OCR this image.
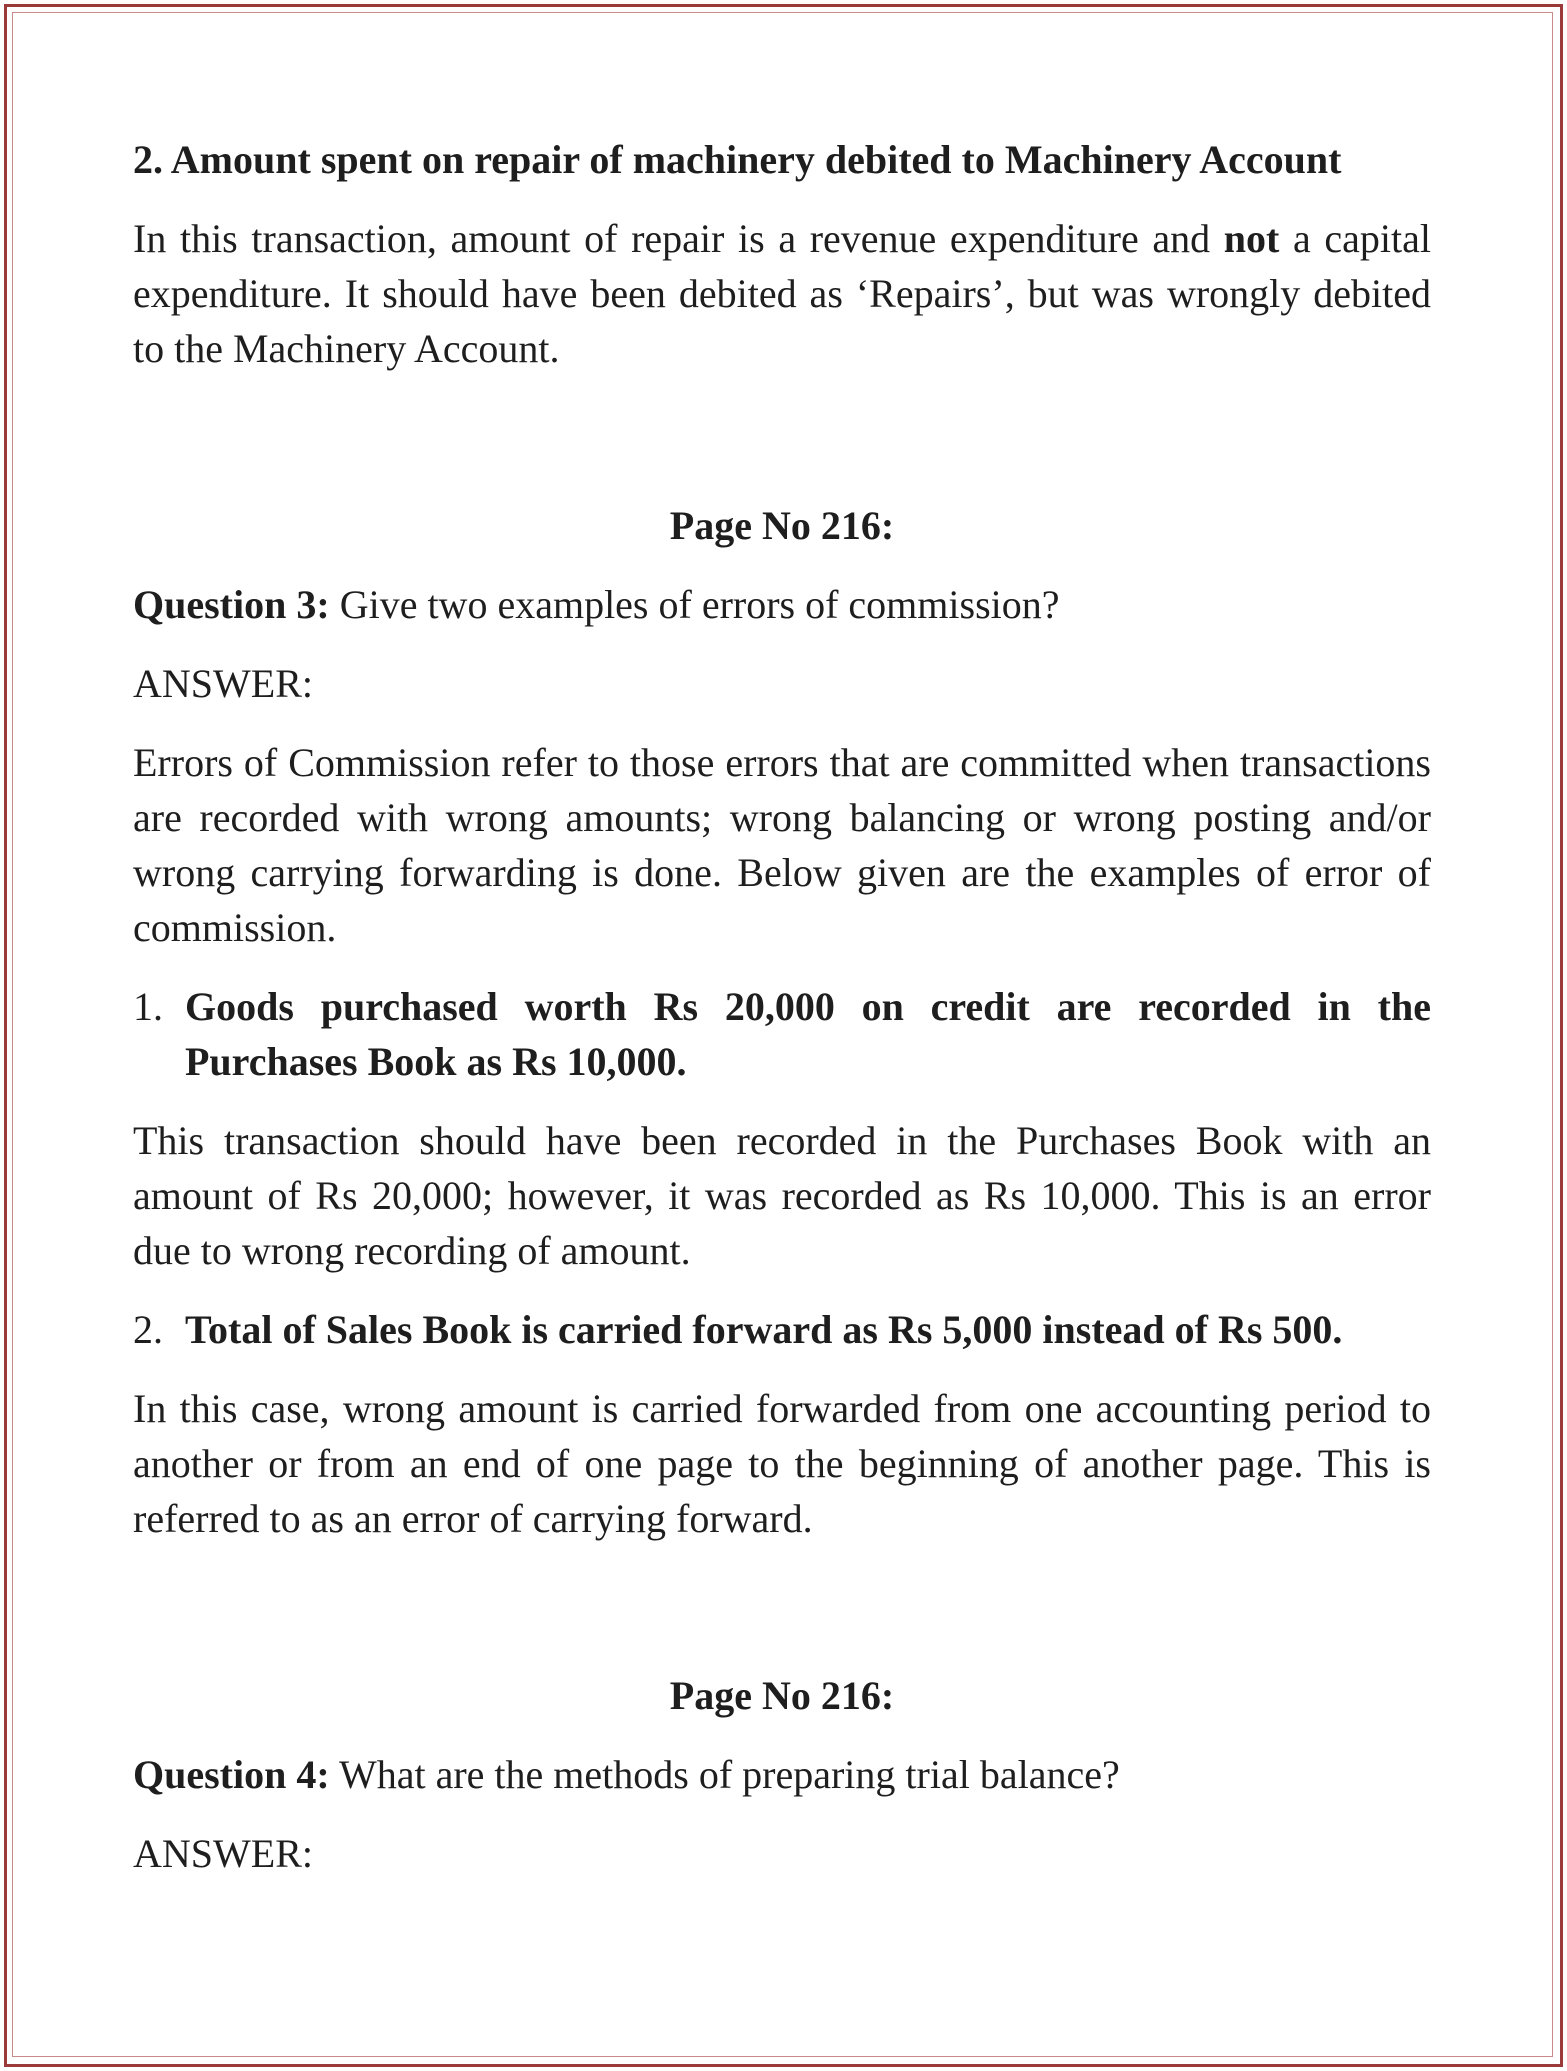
2. Amount spent on repair of machinery debited to Machinery Account

In this transaction, amount of repair is a revenue expenditure and not a capital expenditure. It should have been debited as ‘Repairs’, but was wrongly debited to the Machinery Account.

Page No 216:

Question 3: Give two examples of errors of commission?

ANSWER:

Errors of Commission refer to those errors that are committed when transactions are recorded with wrong amounts; wrong balancing or wrong posting and/or wrong carrying forwarding is done. Below given are the examples of error of commission.

1. Goods purchased worth Rs 20,000 on credit are recorded in the Purchases Book as Rs 10,000.

This transaction should have been recorded in the Purchases Book with an amount of Rs 20,000; however, it was recorded as Rs 10,000. This is an error due to wrong recording of amount.

2. Total of Sales Book is carried forward as Rs 5,000 instead of Rs 500.

In this case, wrong amount is carried forwarded from one accounting period to another or from an end of one page to the beginning of another page. This is referred to as an error of carrying forward.

Page No 216:

Question 4: What are the methods of preparing trial balance?

ANSWER:
